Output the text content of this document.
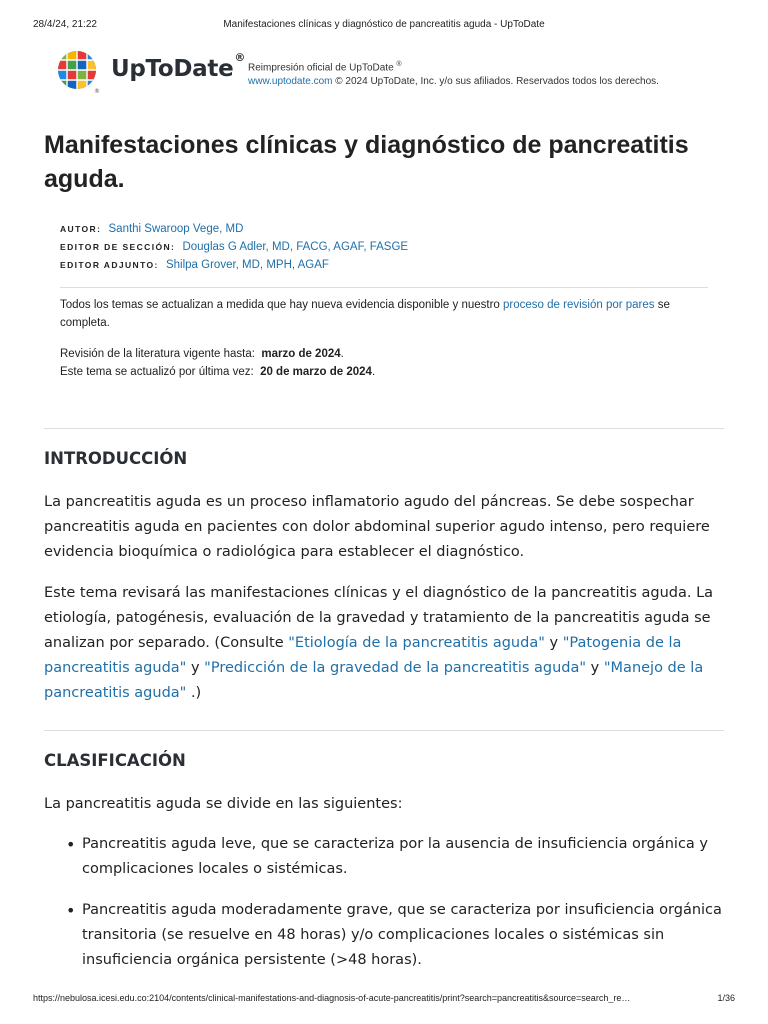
28/4/24, 21:22	Manifestaciones clínicas y diagnóstico de pancreatitis aguda - UpToDate
®
UpToDate®
Reimpresión oficial de UpToDate ®
www.uptodate.com © 2024 UpToDate, Inc. y/o sus afiliados. Reservados todos los derechos.
Manifestaciones clínicas y diagnóstico de pancreatitis aguda.
AUTOR: Santhi Swaroop Vege, MD
EDITOR DE SECCIÓN: Douglas G Adler, MD, FACG, AGAF, FASGE
EDITOR ADJUNTO: Shilpa Grover, MD, MPH, AGAF
Todos los temas se actualizan a medida que hay nueva evidencia disponible y nuestro proceso de revisión por pares se completa.
Revisión de la literatura vigente hasta: marzo de 2024.
Este tema se actualizó por última vez: 20 de marzo de 2024.
INTRODUCCIÓN

La pancreatitis aguda es un proceso inflamatorio agudo del páncreas. Se debe sospechar pancreatitis aguda en pacientes con dolor abdominal superior agudo intenso, pero requiere evidencia bioquímica o radiológica para establecer el diagnóstico.

Este tema revisará las manifestaciones clínicas y el diagnóstico de la pancreatitis aguda. La etiología, patogénesis, evaluación de la gravedad y tratamiento de la pancreatitis aguda se analizan por separado. (Consulte "Etiología de la pancreatitis aguda" y "Patogenia de la pancreatitis aguda" y "Predicción de la gravedad de la pancreatitis aguda" y "Manejo de la pancreatitis aguda" .)

CLASIFICACIÓN

La pancreatitis aguda se divide en las siguientes:

• Pancreatitis aguda leve, que se caracteriza por la ausencia de insuficiencia orgánica y complicaciones locales o sistémicas.
• Pancreatitis aguda moderadamente grave, que se caracteriza por insuficiencia orgánica transitoria (se resuelve en 48 horas) y/o complicaciones locales o sistémicas sin insuficiencia orgánica persistente (>48 horas).
https://nebulosa.icesi.edu.co:2104/contents/clinical-manifestations-and-diagnosis-of-acute-pancreatitis/print?search=pancreatitis&source=search_re…	1/36
